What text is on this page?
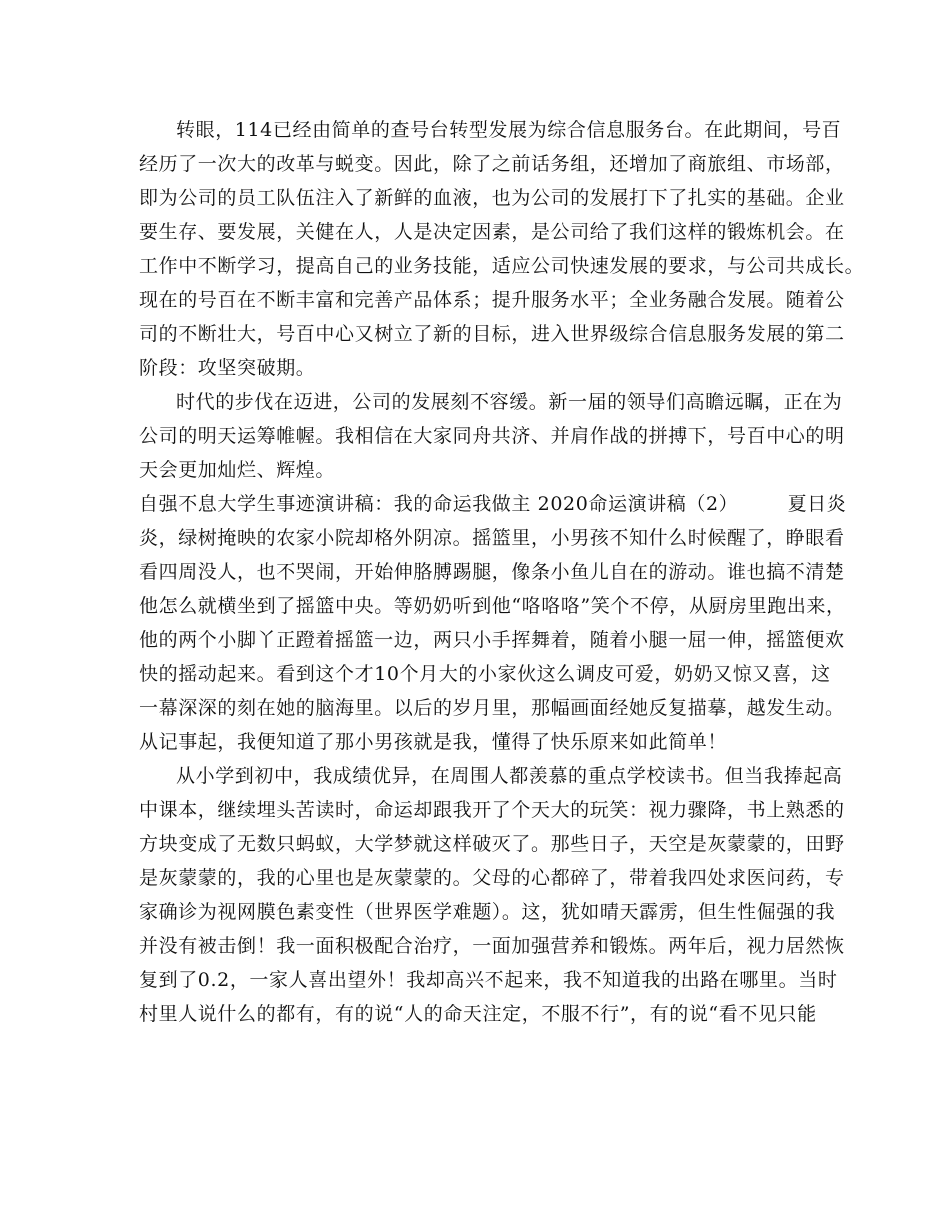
转眼，114已经由简单的查号台转型发展为综合信息服务台。在此期间，号百
经历了一次大的改革与蜕变。因此，除了之前话务组，还增加了商旅组、市场部，
即为公司的员工队伍注入了新鲜的血液，也为公司的发展打下了扎实的基础。企业
要生存、要发展，关健在人，人是决定因素，是公司给了我们这样的锻炼机会。在
工作中不断学习，提高自己的业务技能，适应公司快速发展的要求，与公司共成长。
现在的号百在不断丰富和完善产品体系；提升服务水平；全业务融合发展。随着公
司的不断壮大，号百中心又树立了新的目标，进入世界级综合信息服务发展的第二
阶段：攻坚突破期。
时代的步伐在迈进，公司的发展刻不容缓。新一届的领导们高瞻远瞩，正在为
公司的明天运筹帷幄。我相信在大家同舟共济、并肩作战的拼搏下，号百中心的明
天会更加灿烂、辉煌。
自强不息大学生事迹演讲稿：我的命运我做主 2020命运演讲稿（2）　　　夏日炎
炎，绿树掩映的农家小院却格外阴凉。摇篮里，小男孩不知什么时候醒了，睁眼看
看四周没人，也不哭闹，开始伸胳膊踢腿，像条小鱼儿自在的游动。谁也搞不清楚
他怎么就横坐到了摇篮中央。等奶奶听到他“咯咯咯”笑个不停，从厨房里跑出来，
他的两个小脚丫正蹬着摇篮一边，两只小手挥舞着，随着小腿一屈一伸，摇篮便欢
快的摇动起来。看到这个才10个月大的小家伙这么调皮可爱，奶奶又惊又喜，这
一幕深深的刻在她的脑海里。以后的岁月里，那幅画面经她反复描摹，越发生动。
从记事起，我便知道了那小男孩就是我，懂得了快乐原来如此简单！
从小学到初中，我成绩优异，在周围人都羡慕的重点学校读书。但当我捧起高
中课本，继续埋头苦读时，命运却跟我开了个天大的玩笑：视力骤降，书上熟悉的
方块变成了无数只蚂蚁，大学梦就这样破灭了。那些日子，天空是灰蒙蒙的，田野
是灰蒙蒙的，我的心里也是灰蒙蒙的。父母的心都碎了，带着我四处求医问药，专
家确诊为视网膜色素变性（世界医学难题）。这，犹如晴天霹雳，但生性倔强的我
并没有被击倒！我一面积极配合治疗，一面加强营养和锻炼。两年后，视力居然恢
复到了0.2，一家人喜出望外！我却高兴不起来，我不知道我的出路在哪里。当时
村里人说什么的都有，有的说“人的命天注定，不服不行”，有的说“看不见只能
